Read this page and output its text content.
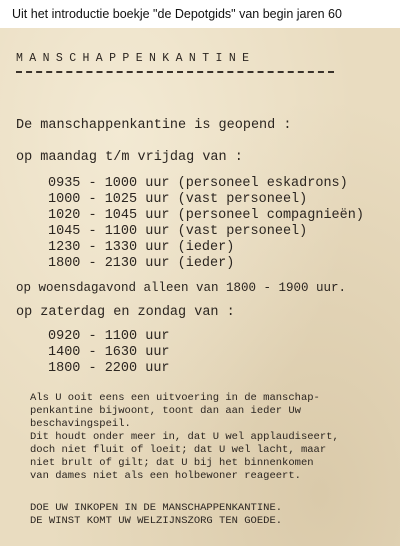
Uit het introductie boekje "de Depotgids" van begin jaren 60
MANSCHAPPENKANTINE
De manschappenkantine is geopend :
op maandag t/m vrijdag van :
0935 - 1000 uur (personeel eskadrons)
1000 - 1025 uur (vast personeel)
1020 - 1045 uur (personeel compagnieën)
1045 - 1100 uur (vast personeel)
1230 - 1330 uur (ieder)
1800 - 2130 uur (ieder)
op woensdagavond alleen van 1800 - 1900 uur.
op zaterdag en zondag van :
0920 - 1100 uur
1400 - 1630 uur
1800 - 2200 uur
Als U ooit eens een uitvoering in de manschap-
penkantine bijwoont, toont dan aan ieder Uw
beschavingspeil.
Dit houdt onder meer in, dat U wel applaudiseert,
doch niet fluit of loeit; dat U wel lacht, maar
niet brult of gilt; dat U bij het binnenkomen
van dames niet als een holbewoner reageert.
DOE UW INKOPEN IN DE MANSCHAPPENKANTINE.
DE WINST KOMT UW WELZIJNSZORG TEN GOEDE.
